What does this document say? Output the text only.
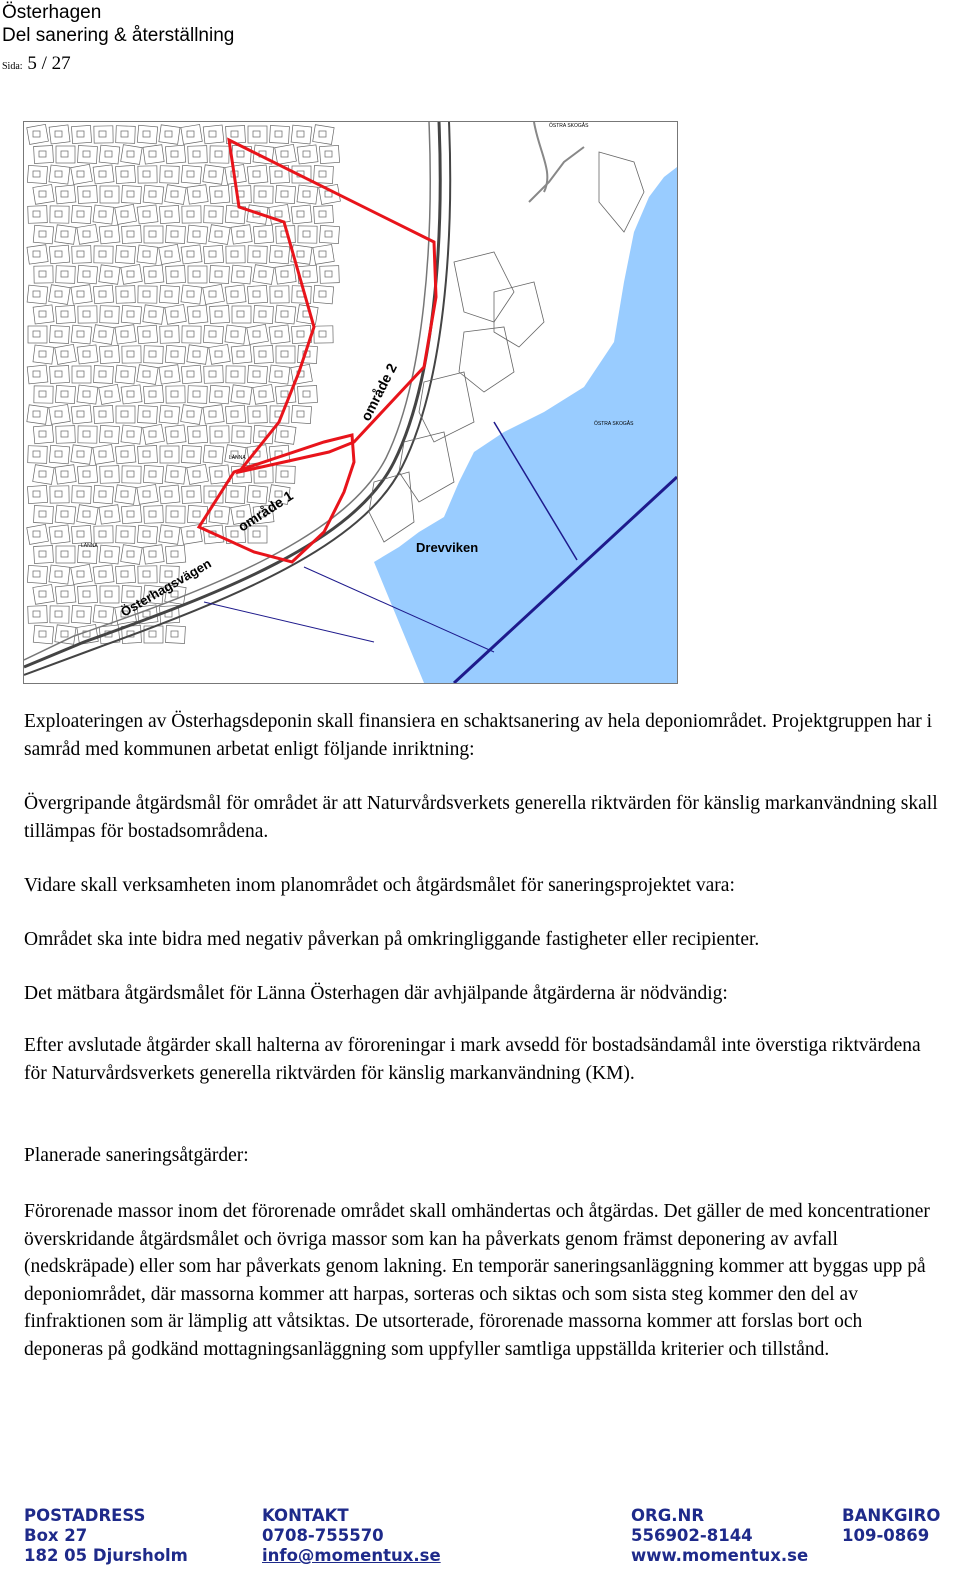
Österhagen
Del sanering & återställning
Sida: 5 / 27
område 2
område 1
Drevviken
Österhagsvägen
ÖSTRA SKOGÅS
ÖSTRA SKOGÅS
LÄNNA
LÄNNA
Exploateringen av Österhagsdeponin skall finansiera en schaktsanering av hela deponiområdet. Projektgruppen har i samråd med kommunen arbetat enligt följande inriktning:
Övergripande åtgärdsmål för området är att Naturvårdsverkets generella riktvärden för känslig markanvändning skall tillämpas för bostadsområdena.
Vidare skall verksamheten inom planområdet och åtgärdsmålet för saneringsprojektet vara:
Området ska inte bidra med negativ påverkan på omkringliggande fastigheter eller recipienter.
Det mätbara åtgärdsmålet för Länna Österhagen där avhjälpande åtgärderna är nödvändig:
Efter avslutade åtgärder skall halterna av föroreningar i mark avsedd för bostadsändamål inte överstiga riktvärdena för Naturvårdsverkets generella riktvärden för känslig markanvändning (KM).
Planerade saneringsåtgärder:
Förorenade massor inom det förorenade området skall omhändertas och åtgärdas. Det gäller de med koncentrationer överskridande åtgärdsmålet och övriga massor som kan ha påverkats genom främst deponering av avfall (nedskräpade) eller som har påverkats genom lakning. En temporär saneringsanläggning kommer att byggas upp på deponiområdet, där massorna kommer att harpas, sorteras och siktas och som sista steg kommer den del av finfraktionen som är lämplig att våtsiktas. De utsorterade, förorenade massorna kommer att forslas bort och deponeras på godkänd mottagningsanläggning som uppfyller samtliga uppställda kriterier och tillstånd.
POSTADRESS
Box 27
182 05 Djursholm
KONTAKT
0708-755570
info@momentux.se
ORG.NR
556902-8144
www.momentux.se
BANKGIRO
109-0869
